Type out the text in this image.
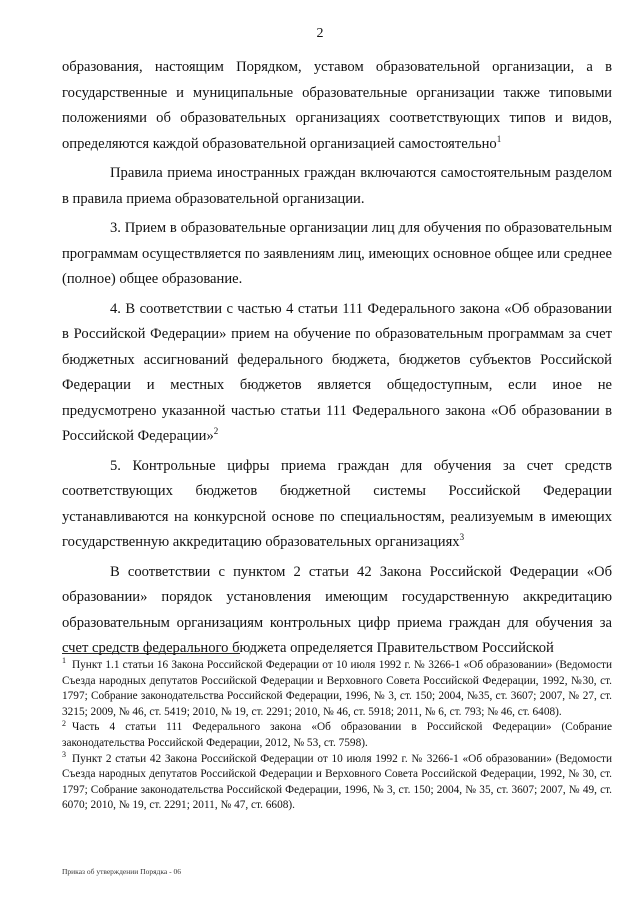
2

образования, настоящим Порядком, уставом образовательной организации, а в государственные и муниципальные образовательные организации также типовыми положениями об образовательных организациях соответствующих типов и видов, определяются каждой образовательной организацией самостоятельно$^1$

Правила приема иностранных граждан включаются самостоятельным разделом в правила приема образовательной организации.

3. Прием в образовательные организации лиц для обучения по образовательным программам осуществляется по заявлениям лиц, имеющих основное общее или среднее (полное) общее образование.

4. В соответствии с частью 4 статьи 111 Федерального закона «Об образовании в Российской Федерации» прием на обучение по образовательным программам за счет бюджетных ассигнований федерального бюджета, бюджетов субъектов Российской Федерации и местных бюджетов является общедоступным, если иное не предусмотрено указанной частью статьи 111 Федерального закона «Об образовании в Российской Федерации»$^2$

5. Контрольные цифры приема граждан для обучения за счет средств соответствующих бюджетов бюджетной системы Российской Федерации устанавливаются на конкурсной основе по специальностям, реализуемым в имеющих государственную аккредитацию образовательных организациях$^3$

В соответствии с пунктом 2 статьи 42 Закона Российской Федерации «Об образовании» порядок установления имеющим государственную аккредитацию образовательным организациям контрольных цифр приема граждан для обучения за счет средств федерального бюджета определяется Правительством Российской

$^1$ Пункт 1.1 статьи 16 Закона Российской Федерации от 10 июля 1992 г. № 3266-1 «Об образовании» (Ведомости Съезда народных депутатов Российской Федерации и Верховного Совета Российской Федерации, 1992, №30, ст. 1797; Собрание законодательства Российской Федерации, 1996, № 3, ст. 150; 2004, №35, ст. 3607; 2007, № 27, ст. 3215; 2009, № 46, ст. 5419; 2010, № 19, ст. 2291; 2010, № 46, ст. 5918; 2011, № 6, ст. 793; № 46, ст. 6408).

$^2$ Часть 4 статьи 111 Федерального закона «Об образовании в Российской Федерации» (Собрание законодательства Российской Федерации, 2012, № 53, ст. 7598).

$^3$ Пункт 2 статьи 42 Закона Российской Федерации от 10 июля 1992 г. № 3266-1 «Об образовании» (Ведомости Съезда народных депутатов Российской Федерации и Верховного Совета Российской Федерации, 1992, № 30, ст. 1797; Собрание законодательства Российской Федерации, 1996, № 3, ст. 150; 2004, № 35, ст. 3607; 2007, № 49, ст. 6070; 2010, № 19, ст. 2291; 2011, № 47, ст. 6608).

Приказ об утверждении Порядка - 06
